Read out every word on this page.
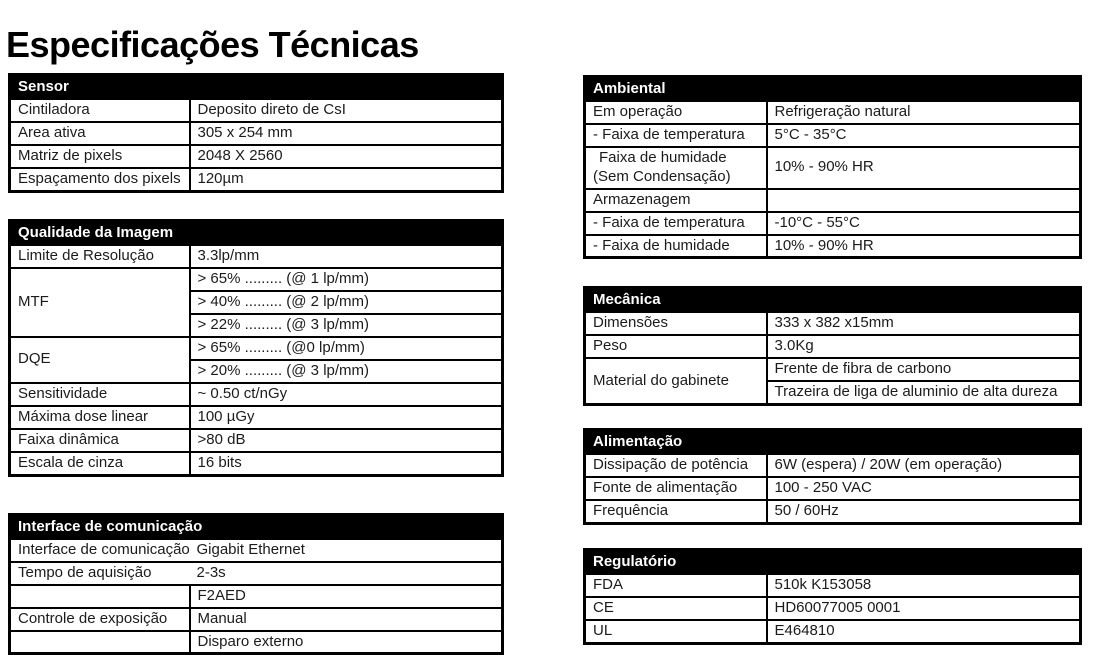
Especificações Técnicas
Sensor	
Cintiladora	Deposito direto de CsI
Area ativa	305 x 254 mm
Matriz de pixels	2048 X 2560
Espaçamento dos pixels	120µm
Qualidade da Imagem	
Limite de Resolução	3.3lp/mm
MTF	> 65% ......... (@ 1 lp/mm)
	> 40% ......... (@ 2 lp/mm)
	> 22% ......... (@ 3 lp/mm)
DQE	> 65% ......... (@0 lp/mm)
	> 20% ......... (@ 3 lp/mm)
Sensitividade	~ 0.50 ct/nGy
Máxima dose linear	100 µGy
Faixa dinâmica	>80 dB
Escala de cinza	16 bits
Interface de comunicação	
Interface de comunicação	Gigabit Ethernet
Tempo de aquisição	2-3s
	F2AED
Controle de exposição	Manual
	Disparo externo
Ambiental	
Em operação	Refrigeração natural
- Faixa de temperatura	5°C - 35°C

Faixa de humidade
(Sem Condensação)	10% - 90% HR
Armazenagem	
- Faixa de temperatura	-10°C - 55°C
- Faixa de humidade	10% - 90% HR
Mecânica	
Dimensões	333 x 382 x15mm
Peso	3.0Kg
Material do gabinete	Frente de fibra de carbono
	Trazeira de liga de aluminio de alta dureza
Alimentação	
Dissipação de potência	6W (espera) / 20W (em operação)
Fonte de alimentação	100 - 250 VAC
Frequência	50 / 60Hz
Regulatório	
FDA	510k K153058
CE	HD60077005 0001
UL	E464810
